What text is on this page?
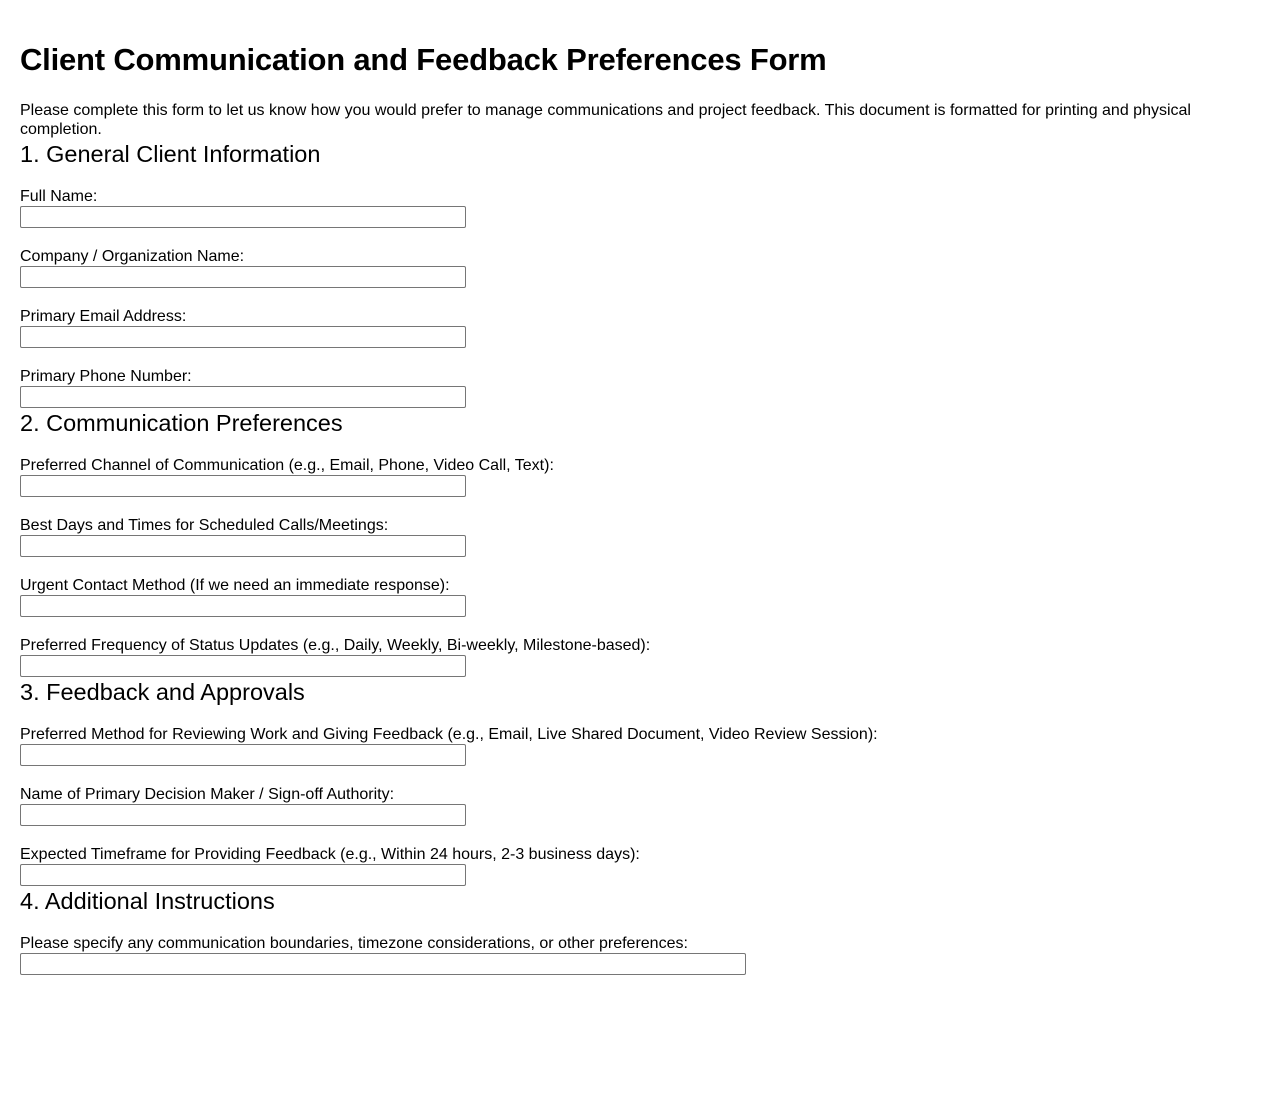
Client Communication and Feedback Preferences Form

Please complete this form to let us know how you would prefer to manage communications and project feedback. This document is formatted for printing and physical completion.

1. General Client Information
Full Name:
Company / Organization Name:
Primary Email Address:
Primary Phone Number:
2. Communication Preferences
Preferred Channel of Communication (e.g., Email, Phone, Video Call, Text):
Best Days and Times for Scheduled Calls/Meetings:
Urgent Contact Method (If we need an immediate response):
Preferred Frequency of Status Updates (e.g., Daily, Weekly, Bi-weekly, Milestone-based):
3. Feedback and Approvals
Preferred Method for Reviewing Work and Giving Feedback (e.g., Email, Live Shared Document, Video Review Session):
Name of Primary Decision Maker / Sign-off Authority:
Expected Timeframe for Providing Feedback (e.g., Within 24 hours, 2-3 business days):
4. Additional Instructions
Please specify any communication boundaries, timezone considerations, or other preferences:
